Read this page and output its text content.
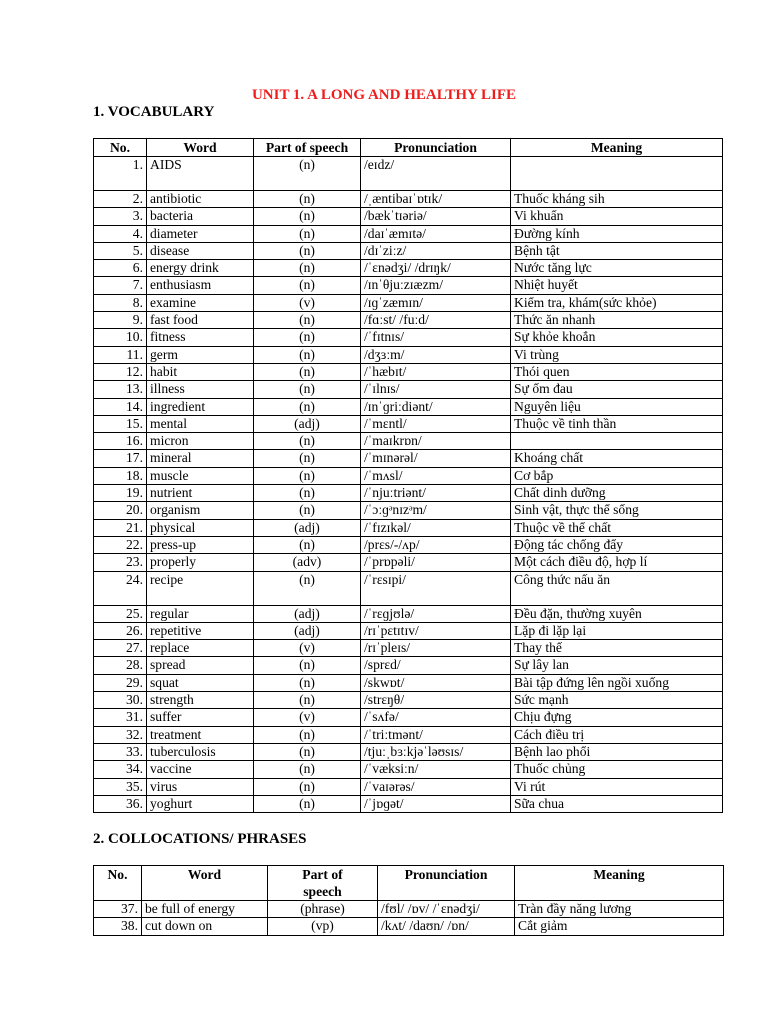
UNIT 1. A LONG AND HEALTHY LIFE
1. VOCABULARY
No.	Word	Part of speech	Pronunciation	Meaning
1.	AIDS	(n)	/eɪdz/	
2.	antibiotic	(n)	/ˌæntibaɪˈɒtɪk/	Thuốc kháng sih
3.	bacteria	(n)	/bækˈtɪəriə/	Vi khuẩn
4.	diameter	(n)	/daɪˈæmɪtə/	Đường kính
5.	disease	(n)	/dɪˈziːz/	Bệnh tật
6.	energy drink	(n)	/ˈɛnədʒi/ /drɪŋk/	Nước tăng lực
7.	enthusiasm	(n)	/ɪnˈθjuːzɪæzm/	Nhiệt huyết
8.	examine	(v)	/ɪɡˈzæmɪn/	Kiểm tra, khám(sức khỏe)
9.	fast food	(n)	/fɑːst/ /fuːd/	Thức ăn nhanh
10.	fitness	(n)	/ˈfɪtnɪs/	Sự khỏe khoắn
11.	germ	(n)	/dʒɜːm/	Vi trùng
12.	habit	(n)	/ˈhæbɪt/	Thói quen
13.	illness	(n)	/ˈɪlnɪs/	Sự ốm đau
14.	ingredient	(n)	/ɪnˈɡriːdiənt/	Nguyên liệu
15.	mental	(adj)	/ˈmɛntl/	Thuộc về tinh thần
16.	micron	(n)	/ˈmaɪkrɒn/	
17.	mineral	(n)	/ˈmɪnərəl/	Khoáng chất
18.	muscle	(n)	/ˈmʌsl/	Cơ bắp
19.	nutrient	(n)	/ˈnjuːtriənt/	Chất dinh dưỡng
20.	organism	(n)	/ˈɔːɡᵊnɪzᵊm/	Sinh vật, thực thể sống
21.	physical	(adj)	/ˈfɪzɪkəl/	Thuộc về thể chất
22.	press-up	(n)	/prɛs/-/ʌp/	Động tác chống đẩy
23.	properly	(adv)	/ˈprɒpəli/	Một cách điều độ, hợp lí
24.	recipe	(n)	/ˈrɛsɪpi/	Công thức nấu ăn
25.	regular	(adj)	/ˈrɛɡjʊlə/	Đều đặn, thường xuyên
26.	repetitive	(adj)	/rɪˈpɛtɪtɪv/	Lặp đi lặp lại
27.	replace	(v)	/rɪˈpleɪs/	Thay thế
28.	spread	(n)	/sprɛd/	Sự lây lan
29.	squat	(n)	/skwɒt/	Bài tập đứng lên ngồi xuống
30.	strength	(n)	/strɛŋθ/	Sức mạnh
31.	suffer	(v)	/ˈsʌfə/	Chịu đựng
32.	treatment	(n)	/ˈtriːtmənt/	Cách điều trị
33.	tuberculosis	(n)	/tjuːˌbɜːkjəˈləʊsɪs/	Bệnh lao phổi
34.	vaccine	(n)	/ˈvæksiːn/	Thuốc chủng
35.	virus	(n)	/ˈvaɪərəs/	Vi rút
36.	yoghurt	(n)	/ˈjɒɡət/	Sữa chua
2. COLLOCATIONS/ PHRASES
No.	Word	Part of speech	Pronunciation	Meaning
37.	be full of energy	(phrase)	/fʊl/ /ɒv/ /ˈɛnədʒi/	Tràn đầy năng lương
38.	cut down on	(vp)	/kʌt/ /daʊn/ /ɒn/	Cắt giảm
